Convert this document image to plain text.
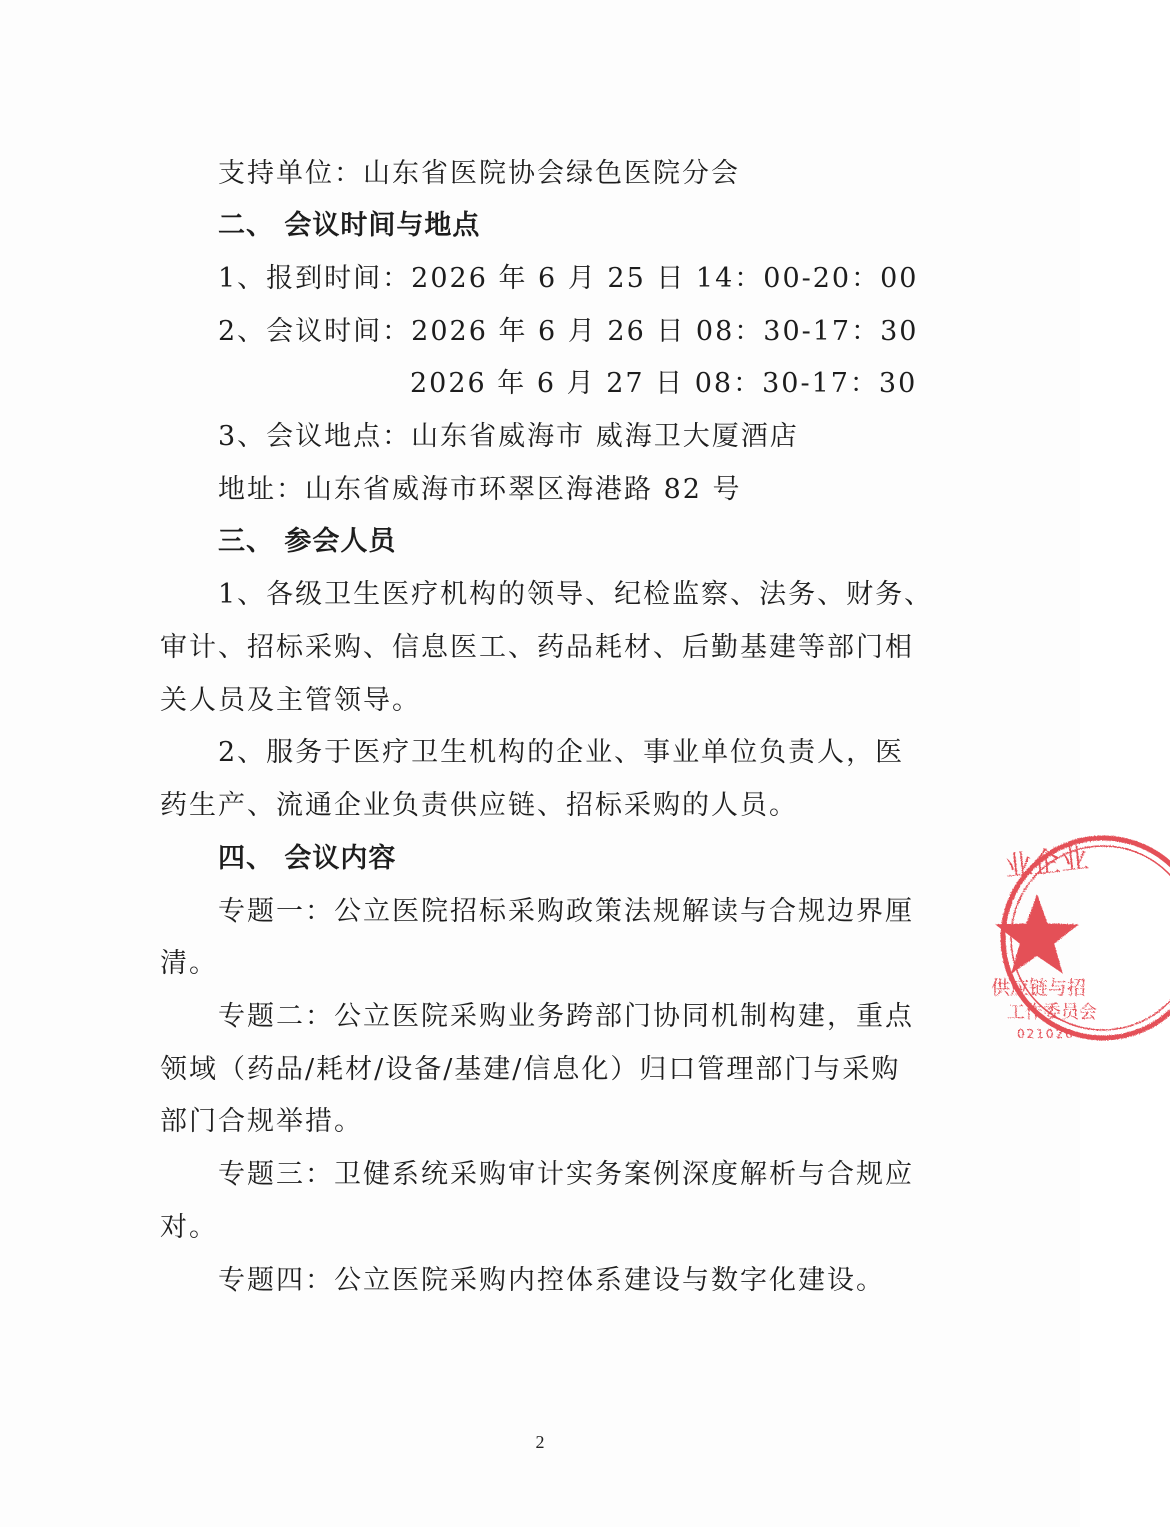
支持单位：山东省医院协会绿色医院分会
二、 会议时间与地点
1、报到时间：2026 年 6 月 25 日 14：00-20：00
2、会议时间：2026 年 6 月 26 日 08：30-17：30
2026 年 6 月 27 日 08：30-17：30
3、会议地点：山东省威海市 威海卫大厦酒店
地址：山东省威海市环翠区海港路 82 号
三、 参会人员
1、各级卫生医疗机构的领导、纪检监察、法务、财务、
审计、招标采购、信息医工、药品耗材、后勤基建等部门相
关人员及主管领导。
2、服务于医疗卫生机构的企业、事业单位负责人，医
药生产、流通企业负责供应链、招标采购的人员。
四、 会议内容
专题一：公立医院招标采购政策法规解读与合规边界厘
清。
专题二：公立医院采购业务跨部门协同机制构建，重点
领域（药品/耗材/设备/基建/信息化）归口管理部门与采购
部门合规举措。
专题三：卫健系统采购审计实务案例深度解析与合规应
对。
专题四：公立医院采购内控体系建设与数字化建设。
2
业企业
供应链与招
工作委员会
021020
